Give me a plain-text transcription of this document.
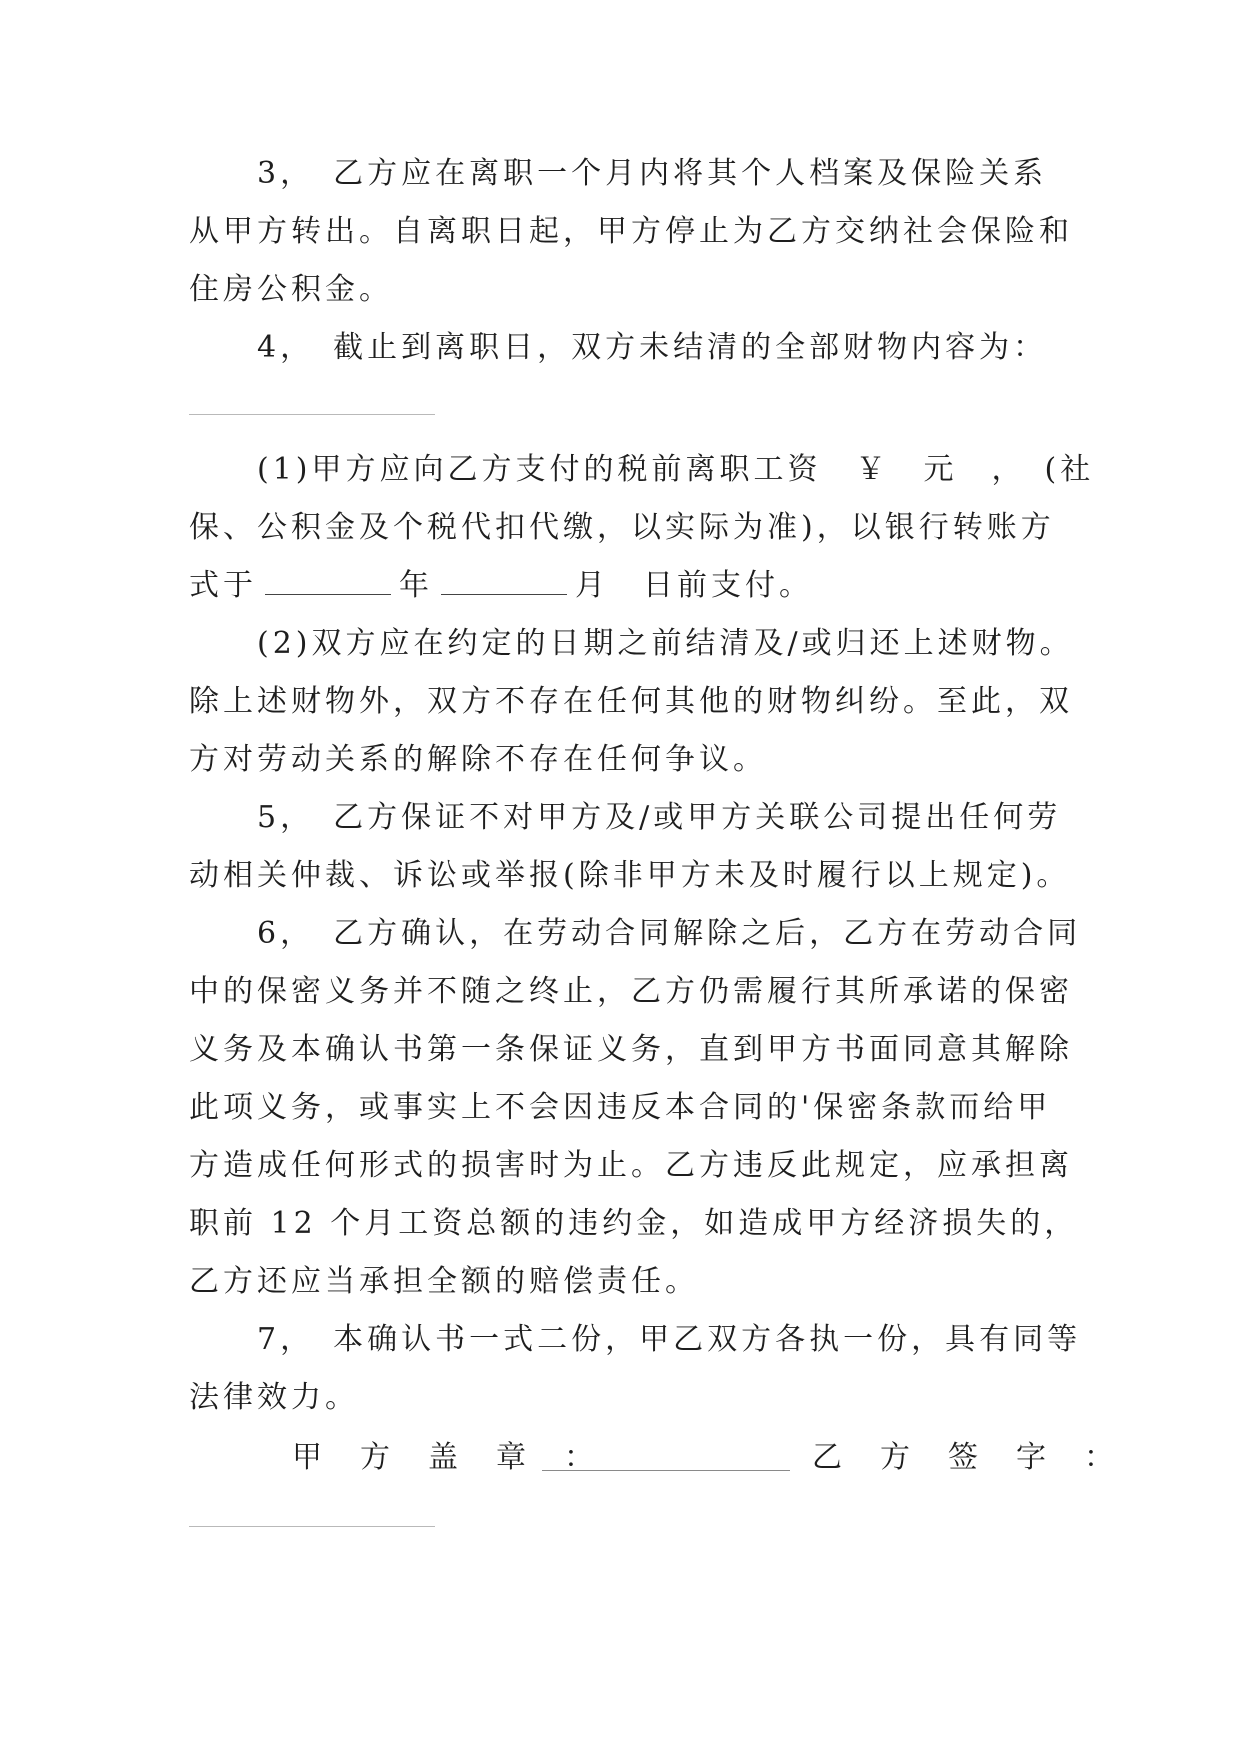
　　3，　乙方应在离职一个月内将其个人档案及保险关系
从甲方转出。自离职日起，甲方停止为乙方交纳社会保险和
住房公积金。
　　4，　截止到离职日，双方未结清的全部财物内容为：
　　(1)甲方应向乙方支付的税前离职工资　￥　元　，　(社
保、公积金及个税代扣代缴，以实际为准)，以银行转账方
式于	年	月　日前支付。
　　(2)双方应在约定的日期之前结清及/或归还上述财物。
除上述财物外，双方不存在任何其他的财物纠纷。至此，双
方对劳动关系的解除不存在任何争议。
　　5，　乙方保证不对甲方及/或甲方关联公司提出任何劳
动相关仲裁、诉讼或举报(除非甲方未及时履行以上规定)。
　　6，　乙方确认，在劳动合同解除之后，乙方在劳动合同
中的保密义务并不随之终止，乙方仍需履行其所承诺的保密
义务及本确认书第一条保证义务，直到甲方书面同意其解除
此项义务，或事实上不会因违反本合同的'保密条款而给甲
方造成任何形式的损害时为止。乙方违反此规定，应承担离
职前 12 个月工资总额的违约金，如造成甲方经济损失的，
乙方还应当承担全额的赔偿责任。
　　7，　本确认书一式二份，甲乙双方各执一份，具有同等
法律效力。
甲　方　盖　章　：	乙　方　签　字　：
